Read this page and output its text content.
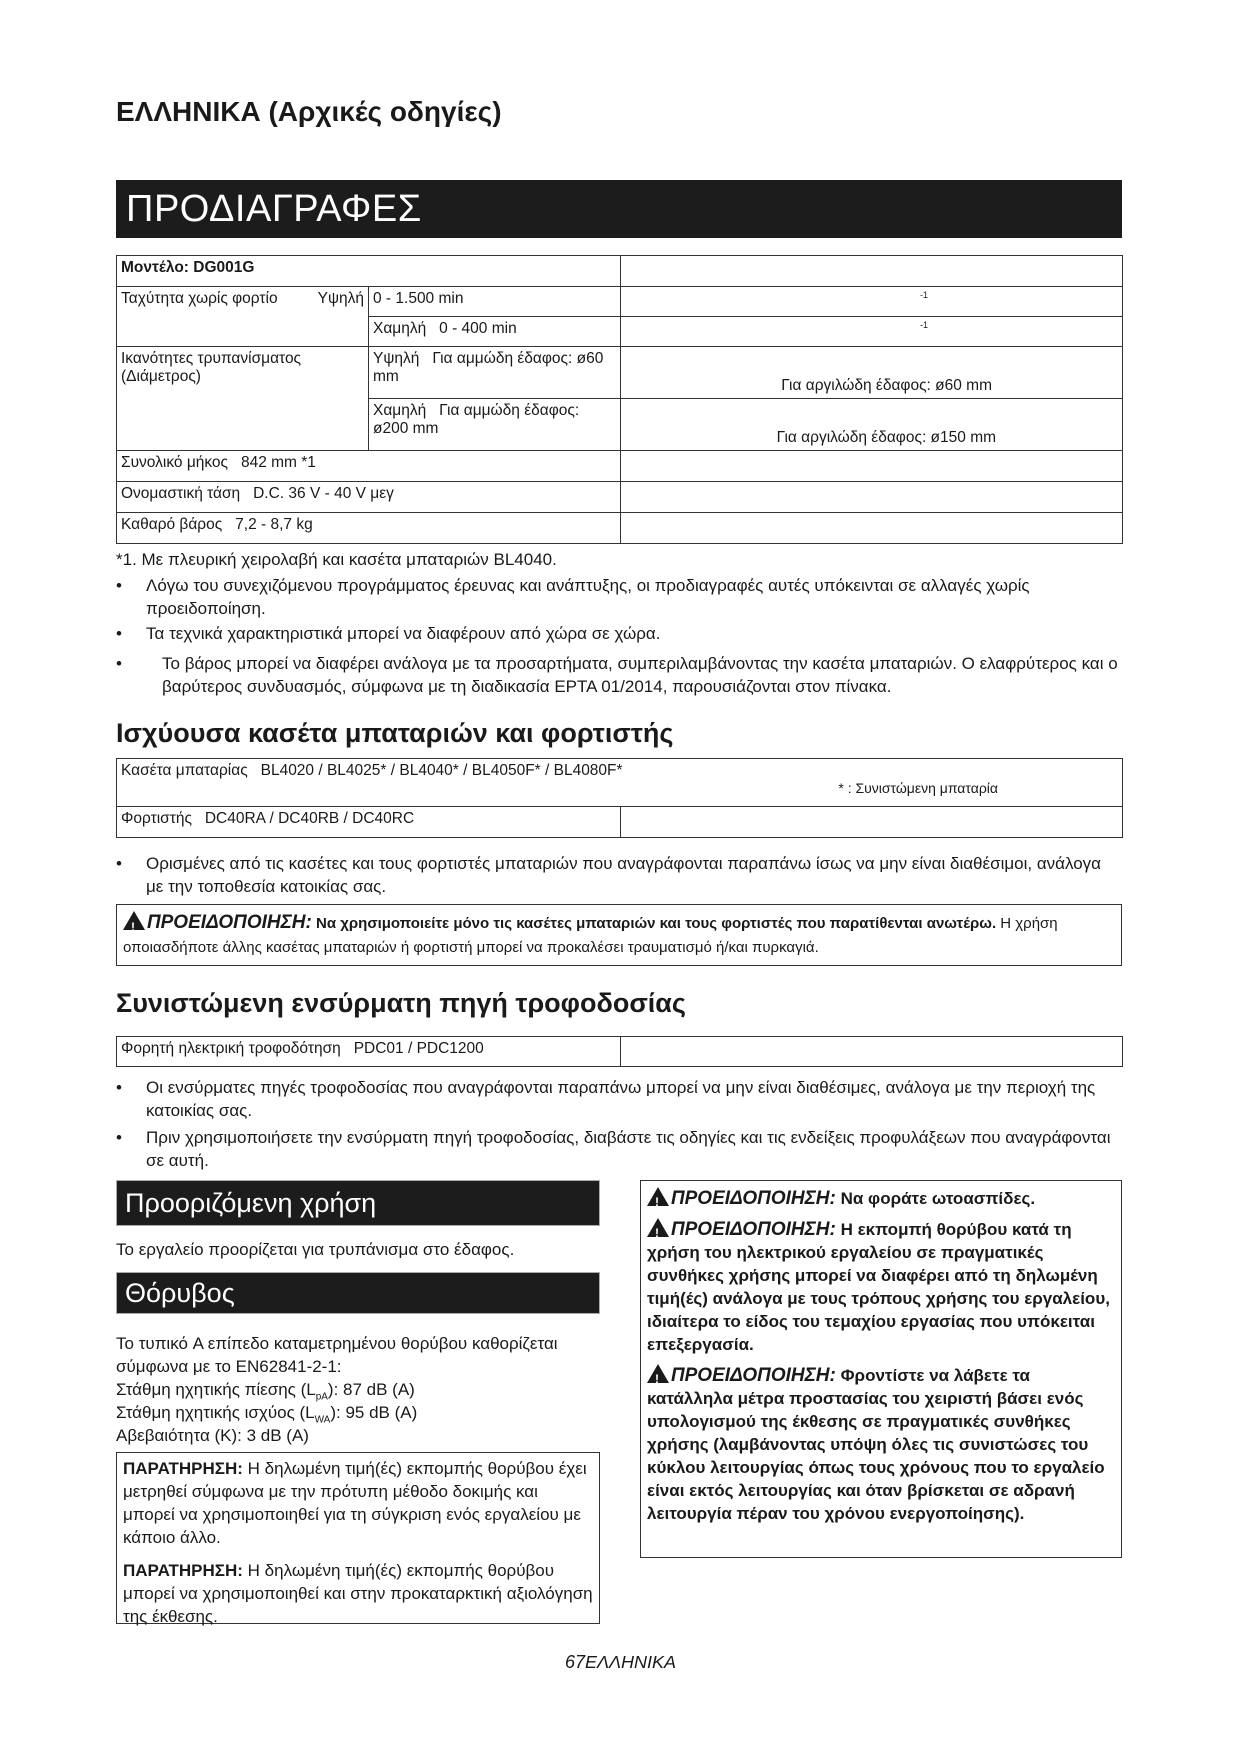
ΕΛΛΗΝΙΚΑ (Αρχικές οδηγίες)
ΠΡΟΔΙΑΓΡΑΦΕΣ
Μοντέλο: DG001G		
Ταχύτητα χωρίς φορτίο Υψηλή	0 - 1.500 min	-1

	Χαμηλή 0 - 400 min	-1

Ικανότητες τρυπανίσματος (Διάμετρος)	Υψηλή Για αμμώδη έδαφος: ø60 mm	Για αργιλώδη έδαφος: ø60 mm
	Χαμηλή Για αμμώδη έδαφος: ø200 mm	Για αργιλώδη έδαφος: ø150 mm
Συνολικό μήκος 842 mm *1		
Ονομαστική τάση D.C. 36 V - 40 V μεγ		
Καθαρό βάρος 7,2 - 8,7 kg		
*1. Με πλευρική χειρολαβή και κασέτα μπαταριών BL4040.
• Λόγω του συνεχιζόμενου προγράμματος έρευνας και ανάπτυξης, οι προδιαγραφές αυτές υπόκεινται σε αλλαγές χωρίς προειδοποίηση.
• Τα τεχνικά χαρακτηριστικά μπορεί να διαφέρουν από χώρα σε χώρα.
• Το βάρος μπορεί να διαφέρει ανάλογα με τα προσαρτήματα, συμπεριλαμβάνοντας την κασέτα μπαταριών. Ο ελαφρύτερος και ο βαρύτερος συνδυασμός, σύμφωνα με τη διαδικασία EPTA 01/2014, παρουσιάζονται στον πίνακα.
Ισχύουσα κασέτα μπαταριών και φορτιστής
Κασέτα μπαταρίας BL4020 / BL4025* / BL4040* / BL4050F* / BL4080F*
* : Συνιστώμενη μπαταρία

Φορτιστής DC40RA / DC40RB / DC40RC	
• Ορισμένες από τις κασέτες και τους φορτιστές μπαταριών που αναγράφονται παραπάνω ίσως να μην είναι διαθέσιμοι, ανάλογα με την τοποθεσία κατοικίας σας.
!ΠΡΟΕΙΔΟΠΟΙΗΣΗ: Να χρησιμοποιείτε μόνο τις κασέτες μπαταριών και τους φορτιστές που παρατίθενται ανωτέρω. Η χρήση οποιασδήποτε άλλης κασέτας μπαταριών ή φορτιστή μπορεί να προκαλέσει τραυματισμό ή/και πυρκαγιά.
Συνιστώμενη ενσύρματη πηγή τροφοδοσίας
Φορητή ηλεκτρική τροφοδότηση PDC01 / PDC1200	
• Οι ενσύρματες πηγές τροφοδοσίας που αναγράφονται παραπάνω μπορεί να μην είναι διαθέσιμες, ανάλογα με την περιοχή της κατοικίας σας.
• Πριν χρησιμοποιήσετε την ενσύρματη πηγή τροφοδοσίας, διαβάστε τις οδηγίες και τις ενδείξεις προφυλάξεων που αναγράφονται σε αυτή.
Προοριζόμενη χρήση
Το εργαλείο προορίζεται για τρυπάνισμα στο έδαφος.
Θόρυβος
Το τυπικό A επίπεδο καταμετρημένου θορύβου καθορίζεται σύμφωνα με το EN62841-2-1:
Στάθμη ηχητικής πίεσης $(L_{pA})$: 87 dB (A)
Στάθμη ηχητικής ισχύος $(L_{WA})$: 95 dB (A)
Αβεβαιότητα (K): 3 dB (A)
ΠΑΡΑΤΗΡΗΣΗ: Η δηλωμένη τιμή(ές) εκπομπής θορύβου έχει μετρηθεί σύμφωνα με την πρότυπη μέθοδο δοκιμής και μπορεί να χρησιμοποιηθεί για τη σύγκριση ενός εργαλείου με κάποιο άλλο.
ΠΑΡΑΤΗΡΗΣΗ: Η δηλωμένη τιμή(ές) εκπομπής θορύβου μπορεί να χρησιμοποιηθεί και στην προκαταρκτική αξιολόγηση της έκθεσης.
!ΠΡΟΕΙΔΟΠΟΙΗΣΗ: Να φοράτε ωτοασπίδες.
!ΠΡΟΕΙΔΟΠΟΙΗΣΗ: Η εκπομπή θορύβου κατά τη χρήση του ηλεκτρικού εργαλείου σε πραγματικές συνθήκες χρήσης μπορεί να διαφέρει από τη δηλωμένη τιμή(ές) ανάλογα με τους τρόπους χρήσης του εργαλείου, ιδιαίτερα το είδος του τεμαχίου εργασίας που υπόκειται επεξεργασία.
!ΠΡΟΕΙΔΟΠΟΙΗΣΗ: Φροντίστε να λάβετε τα κατάλληλα μέτρα προστασίας του χειριστή βάσει ενός υπολογισμού της έκθεσης σε πραγματικές συνθήκες χρήσης (λαμβάνοντας υπόψη όλες τις συνιστώσες του κύκλου λειτουργίας όπως τους χρόνους που το εργαλείο είναι εκτός λειτουργίας και όταν βρίσκεται σε αδρανή λειτουργία πέραν του χρόνου ενεργοποίησης).
67ΕΛΛΗΝΙΚΑ
